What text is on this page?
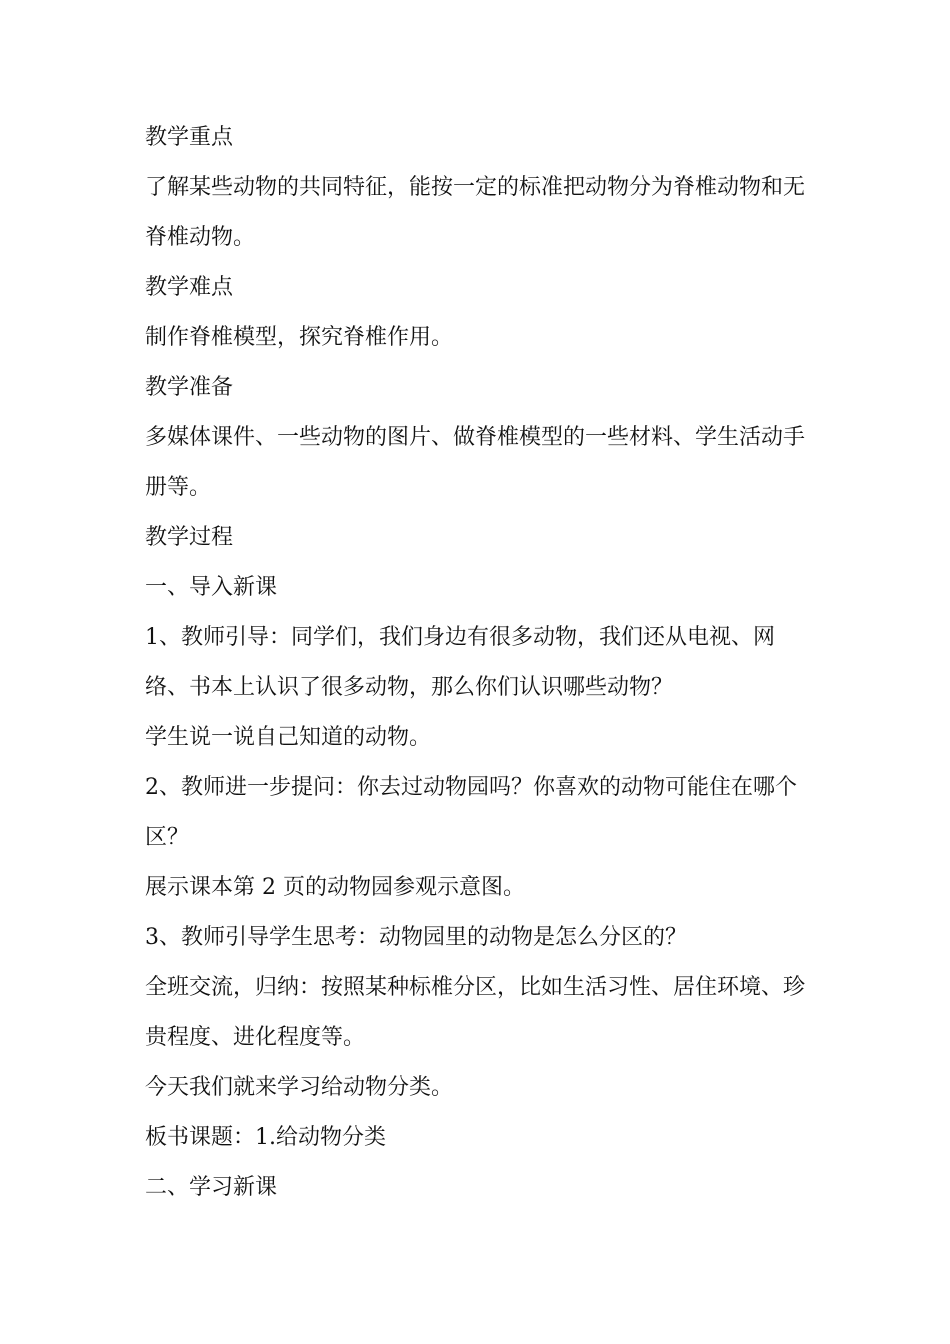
教学重点

了解某些动物的共同特征，能按一定的标准把动物分为脊椎动物和无脊椎动物。

教学难点

制作脊椎模型，探究脊椎作用。

教学准备

多媒体课件、一些动物的图片、做脊椎模型的一些材料、学生活动手册等。

教学过程

一、导入新课

1、教师引导：同学们，我们身边有很多动物，我们还从电视、网络、书本上认识了很多动物，那么你们认识哪些动物？

学生说一说自己知道的动物。

2、教师进一步提问：你去过动物园吗？你喜欢的动物可能住在哪个区？

展示课本第 2 页的动物园参观示意图。

3、教师引导学生思考：动物园里的动物是怎么分区的？

全班交流，归纳：按照某种标椎分区，比如生活习性、居住环境、珍贵程度、进化程度等。

今天我们就来学习给动物分类。

板书课题：1.给动物分类

二、学习新课
